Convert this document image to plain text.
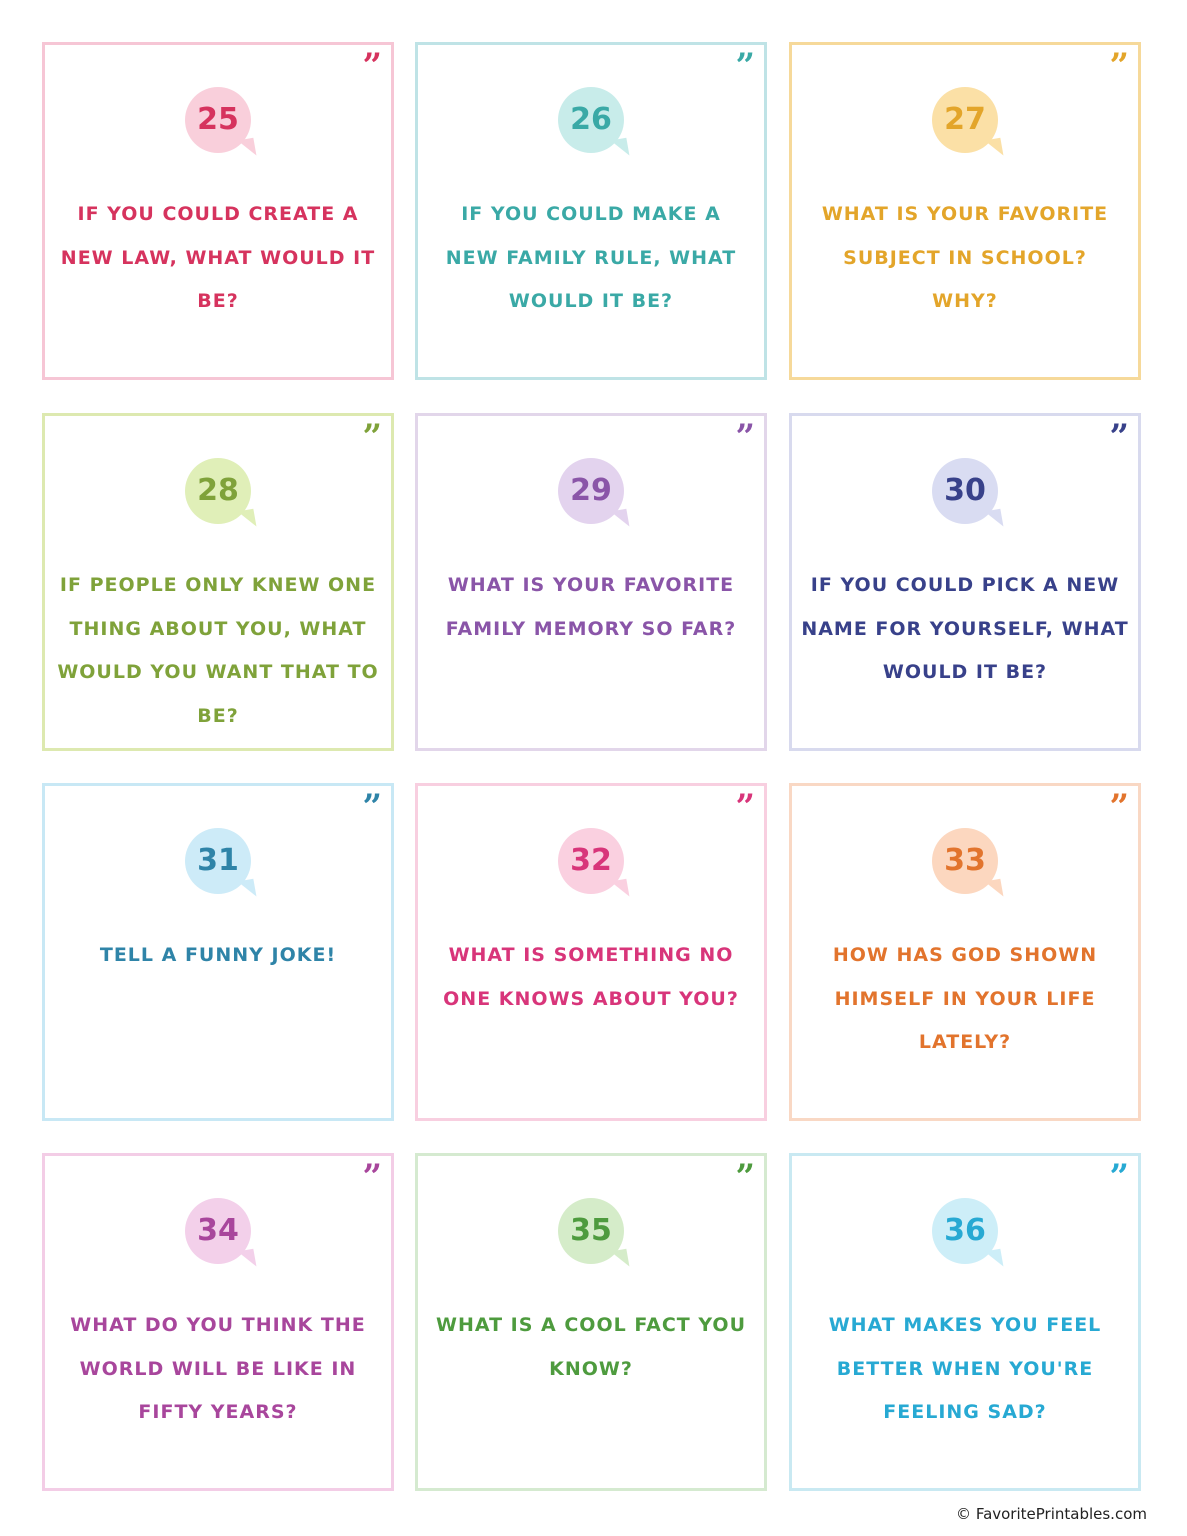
”
25
IF YOU COULD CREATE A NEW LAW, WHAT WOULD IT BE?
”
26
IF YOU COULD MAKE A NEW FAMILY RULE, WHAT WOULD IT BE?
”
27
WHAT IS YOUR FAVORITE SUBJECT IN SCHOOL? WHY?
”
28
IF PEOPLE ONLY KNEW ONE THING ABOUT YOU, WHAT WOULD YOU WANT THAT TO BE?
”
29
WHAT IS YOUR FAVORITE FAMILY MEMORY SO FAR?
”
30
IF YOU COULD PICK A NEW NAME FOR YOURSELF, WHAT WOULD IT BE?
”
31
TELL A FUNNY JOKE!
”
32
WHAT IS SOMETHING NO ONE KNOWS ABOUT YOU?
”
33
HOW HAS GOD SHOWN HIMSELF IN YOUR LIFE LATELY?
”
34
WHAT DO YOU THINK THE WORLD WILL BE LIKE IN FIFTY YEARS?
”
35
WHAT IS A COOL FACT YOU KNOW?
”
36
WHAT MAKES YOU FEEL BETTER WHEN YOU'RE FEELING SAD?
© FavoritePrintables.com
